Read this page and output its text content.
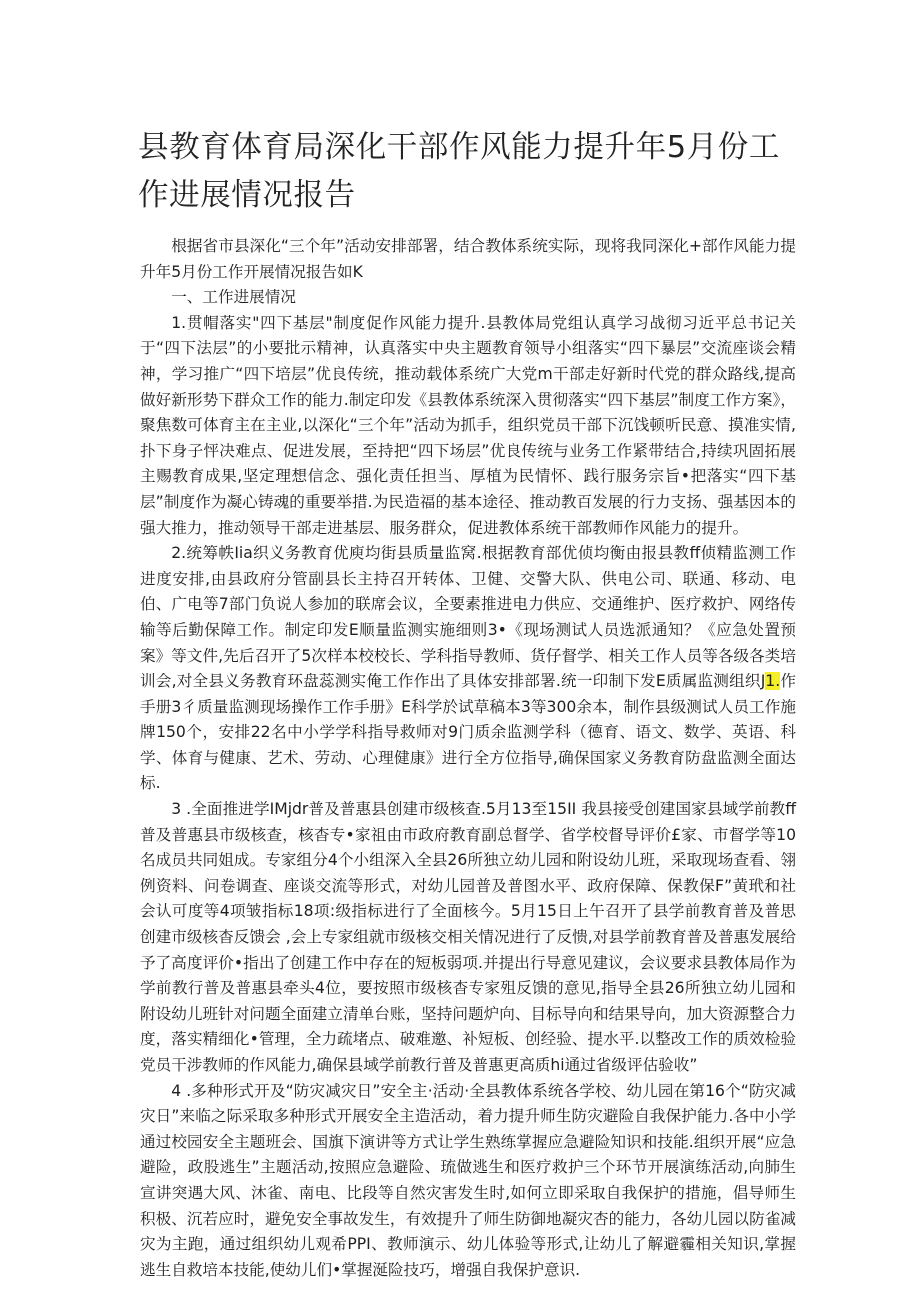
县教育体育局深化干部作风能力提升年5月份工作进展情况报告

根据省市县深化“三个年”活动安排部署，结合教体系统实际，现将我同深化+部作风能力提升年5月份工作开展情况报告如K

一、工作进展情况

1.贯帽落实"四下基层"制度促作风能力提升.县教体局党组认真学习战彻习近平总书记关于“四下法层”的小要批示精神，认真落实中央主题教育领导小组落实“四下暴层”交流座谈会精神，学习推广“四下培层”优良传统，推动载体系统广大党m干部走好新时代党的群众路线,提高做好新形势下群众工作的能力.制定印发《县教体系统深入贯彻落实“四下基层”制度工作方案》，聚焦数可体育主在主业,以深化“三个年”活动为抓手，组织党员干部下沉饯顿听民意、摸准实情,扑下身子怦决难点、促进发展，至持把“四下场层”优良传统与业务工作紧带结合,持续巩固拓展主赐教育成果,坚定理想信念、强化责任担当、厚植为民情怀、践行服务宗旨•把落实“四下基层”制度作为凝心铸魂的重要举措.为民造福的基本途径、推动教百发展的行力支扬、强基因本的强大推力，推动领导干部走进基层、服务群众，促进教体系统干部教师作风能力的提升。

2.统筹帙Iia织义务教育优庾均街县质量监窝.根据教育部优侦均衡由报县教ff侦精监测工作进度安排,由县政府分管副县长主持召开转体、卫健、交警大队、供电公司、联通、移动、电伯、广电等7部门负说人参加的联席会议，全要素推进电力供应、交通维护、医疗救护、网络传输等后勤保障工作。制定印发E顺量监测实施细则3•《现场测试人员选派通知？《应急处置预案》等文件,先后召开了5次样本校校长、学科指导教师、货仔督学、相关工作人员等各级各类培训会,对全县义务教育环盘蕊测实俺工作作出了具体安排部署.统一印制下发E质属监测组织J1.作手册3彳质量监测现场操作工作手册》E科学於试草稿本3等300余本，制作县级测试人员工作施牌150个，安排22名中小学学科指导救师对9门质余监测学科（德育、语文、数学、英语、科学、体育与健康、艺术、劳动、心理健康》进行全方位指导,确保国家义务教育防盘监测全面达标.

3 .全面推进学IMjdr普及普惠县创建市级核查.5月13至15II 我县接受创建国家县域学前教ff普及普惠县市级核查，核杳专•家祖由市政府教育副总督学、省学校督导评价£家、市督学等10名成员共同姐成。专家组分4个小组深入全县26所独立幼儿园和附设幼儿班，采取现场查看、翎例资料、问卷调查、座谈交流等形式，对幼儿园普及普图水平、政府保障、保教保F”黄玳和社会认可度等4项皱指标18项:级指标进行了全面核今。5月15日上午召开了县学前教育普及普思创建市级核杳反馈会 ,会上专家组就市级核交相关情况进行了反愦,对县学前教育普及普惠发展给予了高度评价•指出了创建工作中存在的短板弱项.并提出行导意见建议，会议要求县教体局作为学前教行普及普惠县牵头4位，要按照市级核杳专家殂反馈的意见,指导全县26所独立幼儿园和附设幼儿班针对问题全面建立清单台账，坚持问题炉向、目标导向和结果导向，加大资源整合力度，落实精细化•管理，全力疏堵点、破难邀、补短板、创经验、提水平.以整改工作的质效检验党员干涉教师的作风能力,确保县域学前教行普及普惠更高质hi通过省级评估验收”

4 .多种形式开及“防灾减灾日”安全主·活动·全县教体系统各学校、幼儿园在第16个“防灾减灾日”来临之际采取多种形式开展安全主造活动，着力提升师生防灾避险自我保护能力.各中小学通过校园安全主题班会、国旗下演讲等方式让学生熟练掌握应急避险知识和技能.组织开展“应急避险，政股逃生”主题活动,按照应急避险、琉做逃生和医疗救护三个环节开展演练活动,向肺生宣讲突遇大风、沐雀、南电、比段等自然灾害发生时,如何立即采取自我保护的措施，倡导师生积极、沉若应时，避免安全事故发生，有效提升了师生防御地凝灾杏的能力，各幼儿园以防雀减灾为主跑，通过组织幼儿观希PPI、教师演示、幼儿体验等形式,让幼儿了解避霾相关知识,掌握逃生自救培本技能,使幼儿们•掌握涎险技巧，增强自我保护意识.
